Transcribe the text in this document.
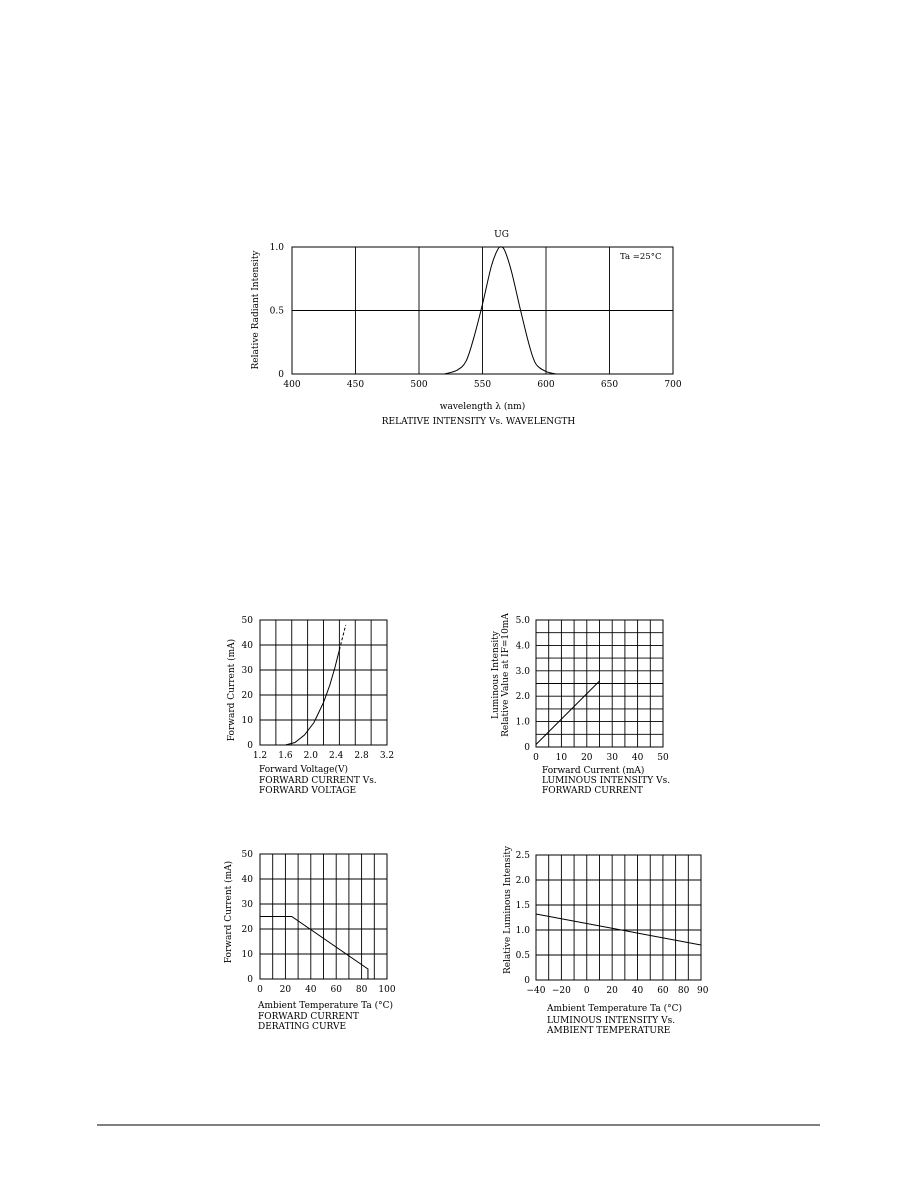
400	450	500	550	600	650	700
0
0.5
1.0
Relative Radiant Intensity
wavelength λ (nm)
RELATIVE INTENSITY Vs. WAVELENGTH
UG
Ta =25°C
1.2 1.6 2.0 2.4 2.8 3.2
0
10
20
30
40
50
Forward Current (mA)
Forward Voltage(V)
FORWARD CURRENT Vs.
FORWARD VOLTAGE
0 10 20 30 40 50
0
1.0
2.0
3.0
4.0
5.0
Luminous Intensity Relative Value at IF=10mA
Forward Current (mA)
LUMINOUS INTENSITY Vs.
FORWARD CURRENT
0 20 40 60 80 100
0
10
20
30
40
50
Forward Current (mA)
Ambient Temperature Ta (°C)
FORWARD CURRENT
DERATING CURVE
−40 −20 0 20 40 60 80 90
0
0.5
1.0
1.5
2.0
2.5
Relative Luminous Intensity
Ambient Temperature Ta (°C)
LUMINOUS INTENSITY Vs.
AMBIENT TEMPERATURE
